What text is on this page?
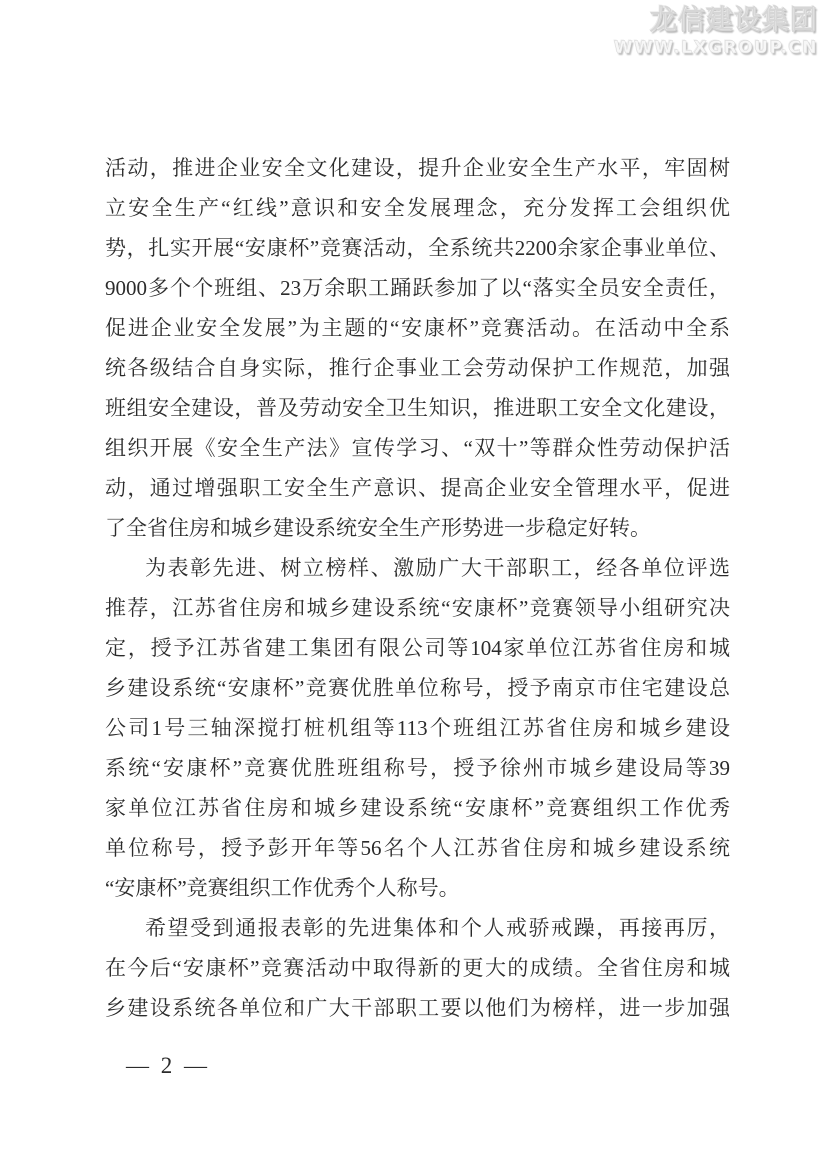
龙信建设集团
WWW.LXGROUP.CN
活动，推进企业安全文化建设，提升企业安全生产水平，牢固树
立安全生产“红线”意识和安全发展理念，充分发挥工会组织优
势，扎实开展“安康杯”竞赛活动，全系统共2200余家企事业单位、
9000多个个班组、23万余职工踊跃参加了以“落实全员安全责任，
促进企业安全发展”为主题的“安康杯”竞赛活动。在活动中全系
统各级结合自身实际，推行企事业工会劳动保护工作规范，加强
班组安全建设，普及劳动安全卫生知识，推进职工安全文化建设，
组织开展《安全生产法》宣传学习、“双十”等群众性劳动保护活
动，通过增强职工安全生产意识、提高企业安全管理水平，促进
了全省住房和城乡建设系统安全生产形势进一步稳定好转。
为表彰先进、树立榜样、激励广大干部职工，经各单位评选
推荐，江苏省住房和城乡建设系统“安康杯”竞赛领导小组研究决
定，授予江苏省建工集团有限公司等104家单位江苏省住房和城
乡建设系统“安康杯”竞赛优胜单位称号，授予南京市住宅建设总
公司1号三轴深搅打桩机组等113个班组江苏省住房和城乡建设
系统“安康杯”竞赛优胜班组称号，授予徐州市城乡建设局等39
家单位江苏省住房和城乡建设系统“安康杯”竞赛组织工作优秀
单位称号，授予彭开年等56名个人江苏省住房和城乡建设系统
“安康杯”竞赛组织工作优秀个人称号。
希望受到通报表彰的先进集体和个人戒骄戒躁，再接再厉，
在今后“安康杯”竞赛活动中取得新的更大的成绩。全省住房和城
乡建设系统各单位和广大干部职工要以他们为榜样，进一步加强
— 2 —
